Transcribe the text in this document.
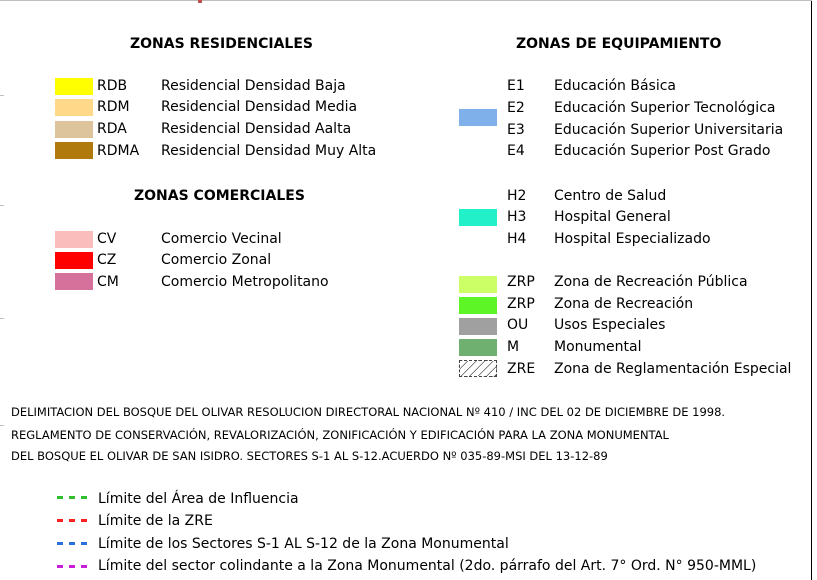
ZONAS RESIDENCIALES
RDB Residencial Densidad Baja
RDM Residencial Densidad Media
RDA Residencial Densidad Aalta
RDMA Residencial Densidad Muy Alta
ZONAS COMERCIALES
CV	Comercio Vecinal
CZ	Comercio Zonal
CM	Comercio Metropolitano
ZONAS DE EQUIPAMIENTO
E1 Educación Básica
E2 Educación Superior Tecnológica
E3 Educación Superior Universitaria
E4 Educación Superior Post Grado
H2 Centro de Salud
H3 Hospital General
H4 Hospital Especializado
ZRP Zona de Recreación Pública
ZRP Zona de Recreación
OU Usos Especiales
M Monumental
ZRE Zona de Reglamentación Especial
DELIMITACION DEL BOSQUE DEL OLIVAR RESOLUCION DIRECTORAL NACIONAL Nº 410 / INC DEL 02 DE DICIEMBRE DE 1998.
REGLAMENTO DE CONSERVACIÓN, REVALORIZACIÓN, ZONIFICACIÓN Y EDIFICACIÓN PARA LA ZONA MONUMENTAL
DEL BOSQUE EL OLIVAR DE SAN ISIDRO. SECTORES S-1 AL S-12.ACUERDO Nº 035-89-MSI DEL 13-12-89
Límite del Área de Influencia
Límite de la ZRE
Límite de los Sectores S-1 AL S-12 de la Zona Monumental
Límite del sector colindante a la Zona Monumental (2do. párrafo del Art. 7° Ord. N° 950-MML)
